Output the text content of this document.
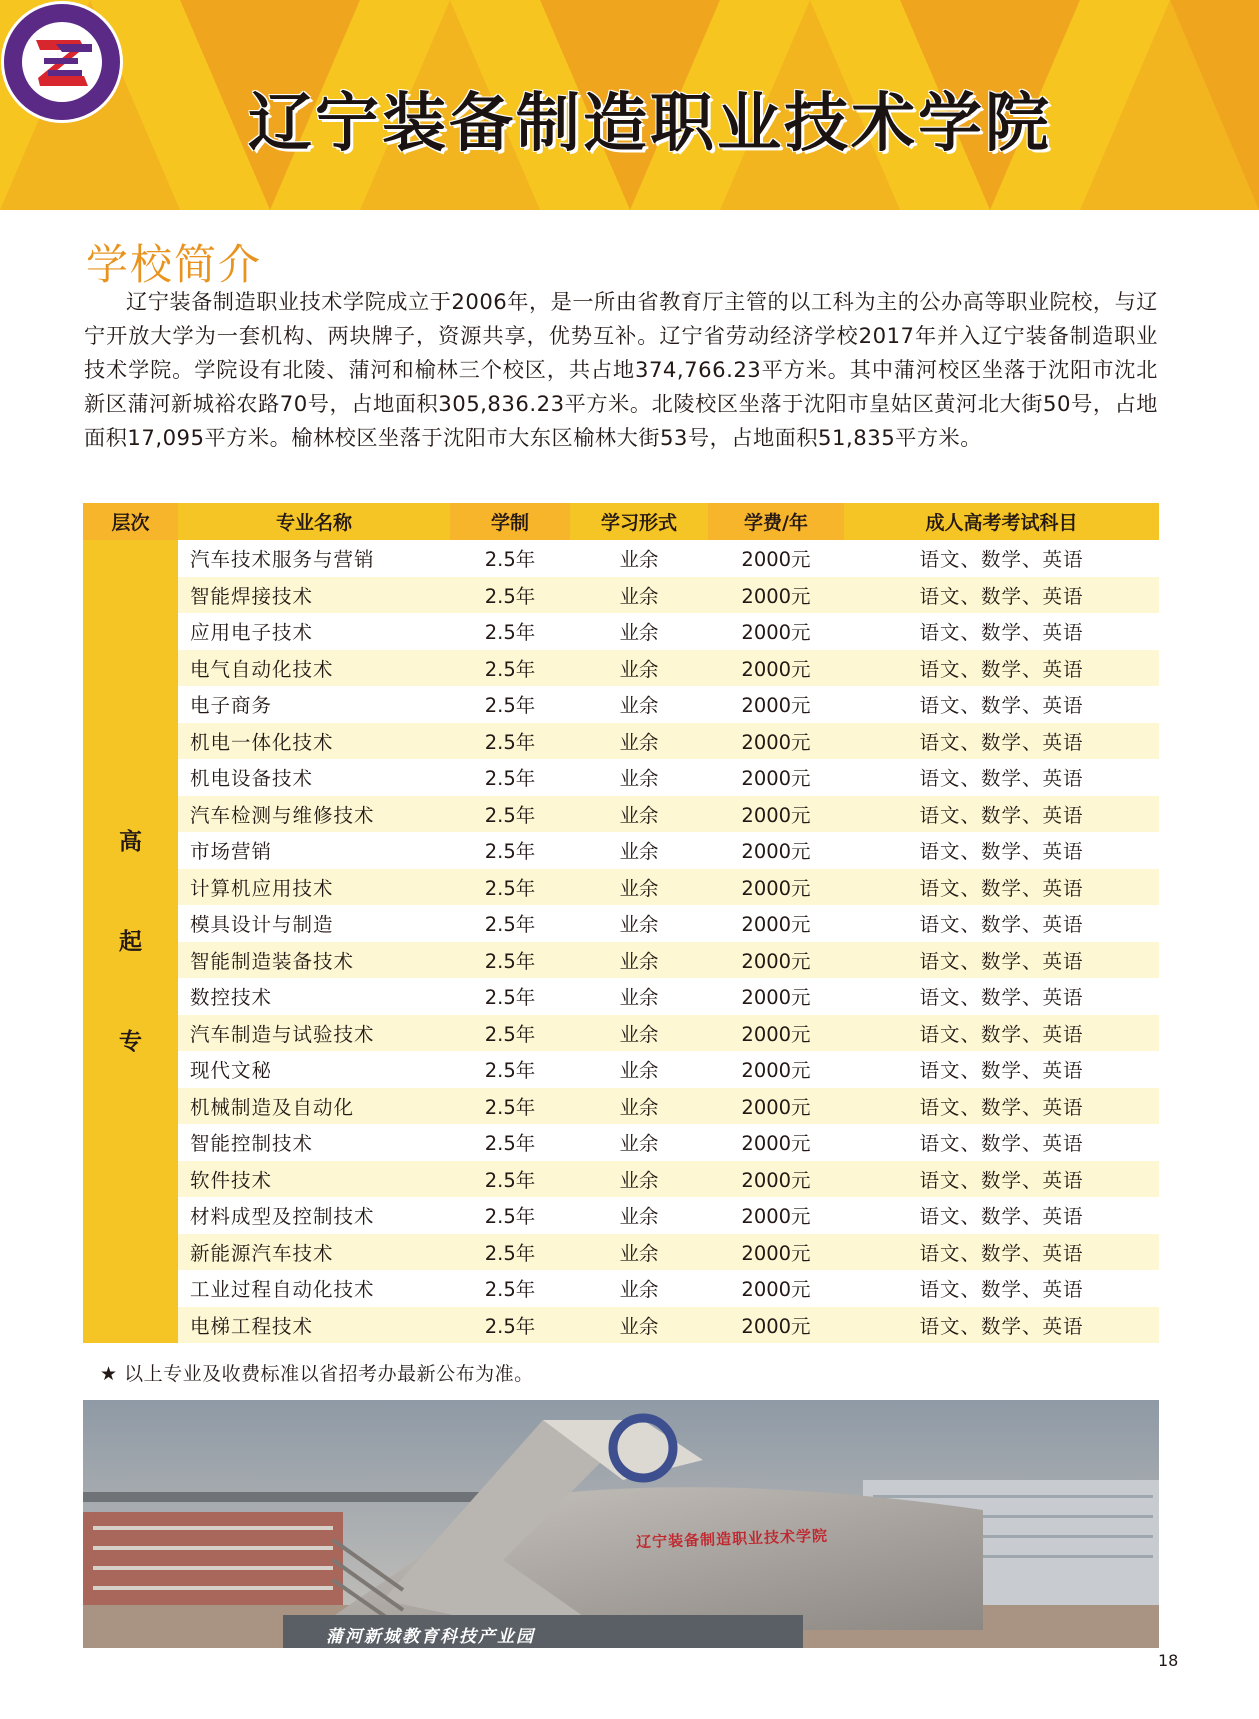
辽宁装备制造职业技术学院
学校简介

辽宁装备制造职业技术学院成立于2006年，是一所由省教育厅主管的以工科为主的公办高等职业院校，与辽宁开放大学为一套机构、两块牌子，资源共享，优势互补。辽宁省劳动经济学校2017年并入辽宁装备制造职业技术学院。学院设有北陵、蒲河和榆林三个校区，共占地374,766.23平方米。其中蒲河校区坐落于沈阳市沈北新区蒲河新城裕农路70号，占地面积305,836.23平方米。北陵校区坐落于沈阳市皇姑区黄河北大街50号，占地面积17,095平方米。榆林校区坐落于沈阳市大东区榆林大街53号，占地面积51,835平方米。

层次	专业名称	学制	学习形式	学费/年	成人高考考试科目
高
起
专	汽车技术服务与营销	2.5年	业余	2000元	语文、数学、英语
	智能焊接技术	2.5年	业余	2000元	语文、数学、英语
	应用电子技术	2.5年	业余	2000元	语文、数学、英语
	电气自动化技术	2.5年	业余	2000元	语文、数学、英语
	电子商务	2.5年	业余	2000元	语文、数学、英语
	机电一体化技术	2.5年	业余	2000元	语文、数学、英语
	机电设备技术	2.5年	业余	2000元	语文、数学、英语
	汽车检测与维修技术	2.5年	业余	2000元	语文、数学、英语
	市场营销	2.5年	业余	2000元	语文、数学、英语
	计算机应用技术	2.5年	业余	2000元	语文、数学、英语
	模具设计与制造	2.5年	业余	2000元	语文、数学、英语
	智能制造装备技术	2.5年	业余	2000元	语文、数学、英语
	数控技术	2.5年	业余	2000元	语文、数学、英语
	汽车制造与试验技术	2.5年	业余	2000元	语文、数学、英语
	现代文秘	2.5年	业余	2000元	语文、数学、英语
	机械制造及自动化	2.5年	业余	2000元	语文、数学、英语
	智能控制技术	2.5年	业余	2000元	语文、数学、英语
	软件技术	2.5年	业余	2000元	语文、数学、英语
	材料成型及控制技术	2.5年	业余	2000元	语文、数学、英语
	新能源汽车技术	2.5年	业余	2000元	语文、数学、英语
	工业过程自动化技术	2.5年	业余	2000元	语文、数学、英语
	电梯工程技术	2.5年	业余	2000元	语文、数学、英语
★ 以上专业及收费标准以省招考办最新公布为准。
辽宁装备制造职业技术学院
蒲河新城教育科技产业园
18
